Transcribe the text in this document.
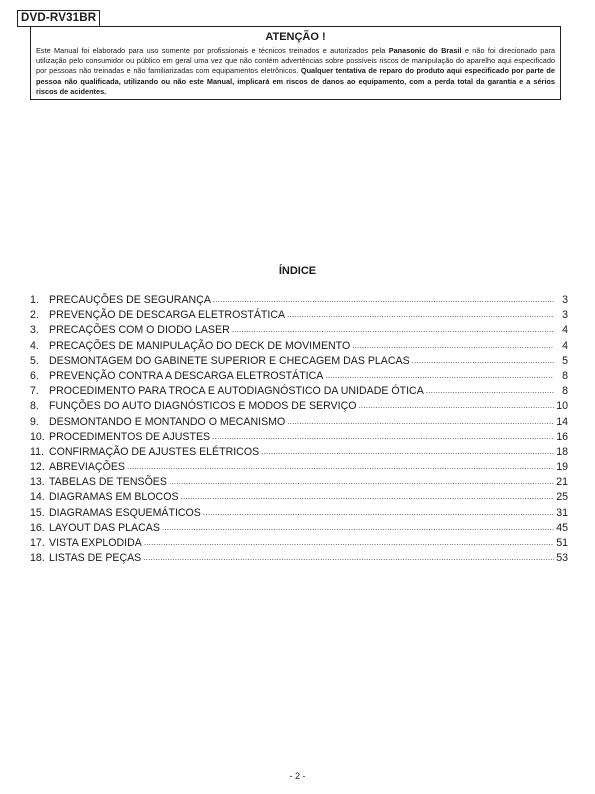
DVD-RV31BR
ATENÇÃO !
Este Manual foi elaborado para uso somente por profissionais e técnicos treinados e autorizados pela Panasonic do Brasil e não foi direcionado para utilização pelo consumidor ou público em geral uma vez que não contém advertências sobre possíveis riscos de manipulação do aparelho aqui especificado por pessoas não treinadas e não familiarizadas com equipamentos eletrônicos. Qualquer tentativa de reparo do produto aqui especificado por parte de pessoa não qualificada, utilizando ou não este Manual, implicará em riscos de danos ao equipamento, com a perda total da garantia e a sérios riscos de acidentes.
ÍNDICE
1. PRECAUÇÕES DE SEGURANÇA .....	3
2. PREVENÇÃO DE DESCARGA ELETROSTÁTICA .....	3
3. PRECAÇÕES COM O DIODO LASER .....	4
4. PRECAÇÕES DE MANIPULAÇÃO DO DECK DE MOVIMENTO .....	4
5. DESMONTAGEM DO GABINETE SUPERIOR E CHECAGEM DAS PLACAS .....	5
6. PREVENÇÃO CONTRA A DESCARGA ELETROSTÁTICA .....	8
7. PROCEDIMENTO PARA TROCA E AUTODIAGNÓSTICO DA UNIDADE ÓTICA .....	8
8. FUNÇÕES DO AUTO DIAGNÓSTICOS E MODOS DE SERVIÇO .....	10
9. DESMONTANDO E MONTANDO O MECANISMO .....	14
10. PROCEDIMENTOS DE AJUSTES .....	16
11. CONFIRMAÇÃO DE AJUSTES ELÉTRICOS .....	18
12. ABREVIAÇÕES .....	19
13. TABELAS DE TENSÕES .....	21
14. DIAGRAMAS EM BLOCOS .....	25
15. DIAGRAMAS ESQUEMÁTICOS .....	31
16. LAYOUT DAS PLACAS .....	45
17. VISTA EXPLODIDA .....	51
18. LISTAS DE PEÇAS .....	53
- 2 -
